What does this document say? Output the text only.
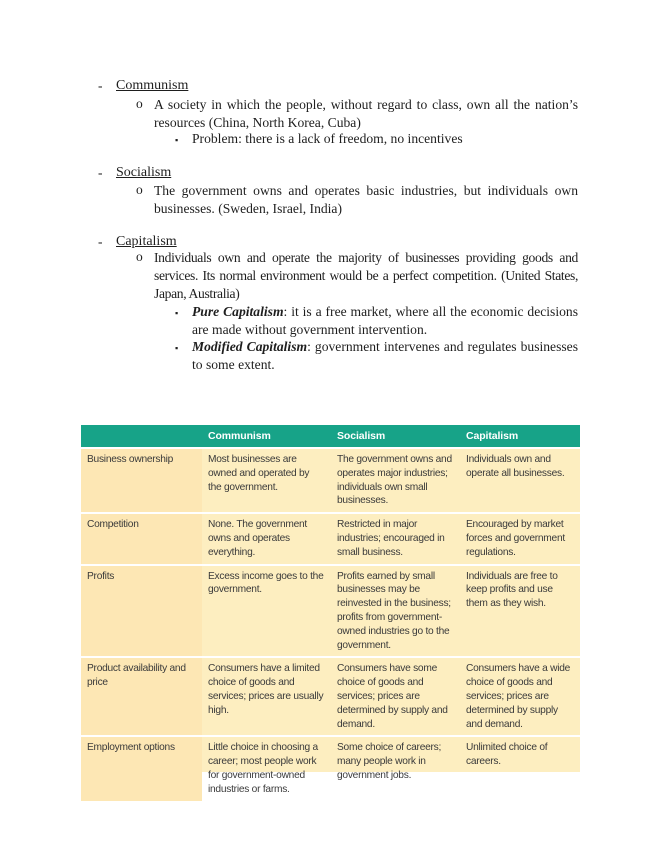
- Communism
o A society in which the people, without regard to class, own all the nation’s resources (China, North Korea, Cuba)
▪ Problem: there is a lack of freedom, no incentives
- Socialism
o The government owns and operates basic industries, but individuals own businesses. (Sweden, Israel, India)
- Capitalism
o Individuals own and operate the majority of businesses providing goods and services. Its normal environment would be a perfect competition. (United States, Japan, Australia)
▪ Pure Capitalism: it is a free market, where all the economic decisions are made without government intervention.
▪ Modified Capitalism: government intervenes and regulates businesses to some extent.
	Communism	Socialism	Capitalism
Business ownership	Most businesses are owned and operated by the government.	The government owns and operates major industries; individuals own small businesses.	Individuals own and operate all businesses.
Competition	None. The government owns and operates everything.	Restricted in major industries; encouraged in small business.	Encouraged by market forces and government regulations.
Profits	Excess income goes to the government.	Profits earned by small businesses may be reinvested in the business; profits from government-owned industries go to the government.	Individuals are free to keep profits and use them as they wish.
Product availability and price	Consumers have a limited choice of goods and services; prices are usually high.	Consumers have some choice of goods and services; prices are determined by supply and demand.	Consumers have a wide choice of goods and services; prices are determined by supply and demand.
Employment options	Little choice in choosing a career; most people work for government-owned industries or farms.	Some choice of careers; many people work in government jobs.	Unlimited choice of careers.
